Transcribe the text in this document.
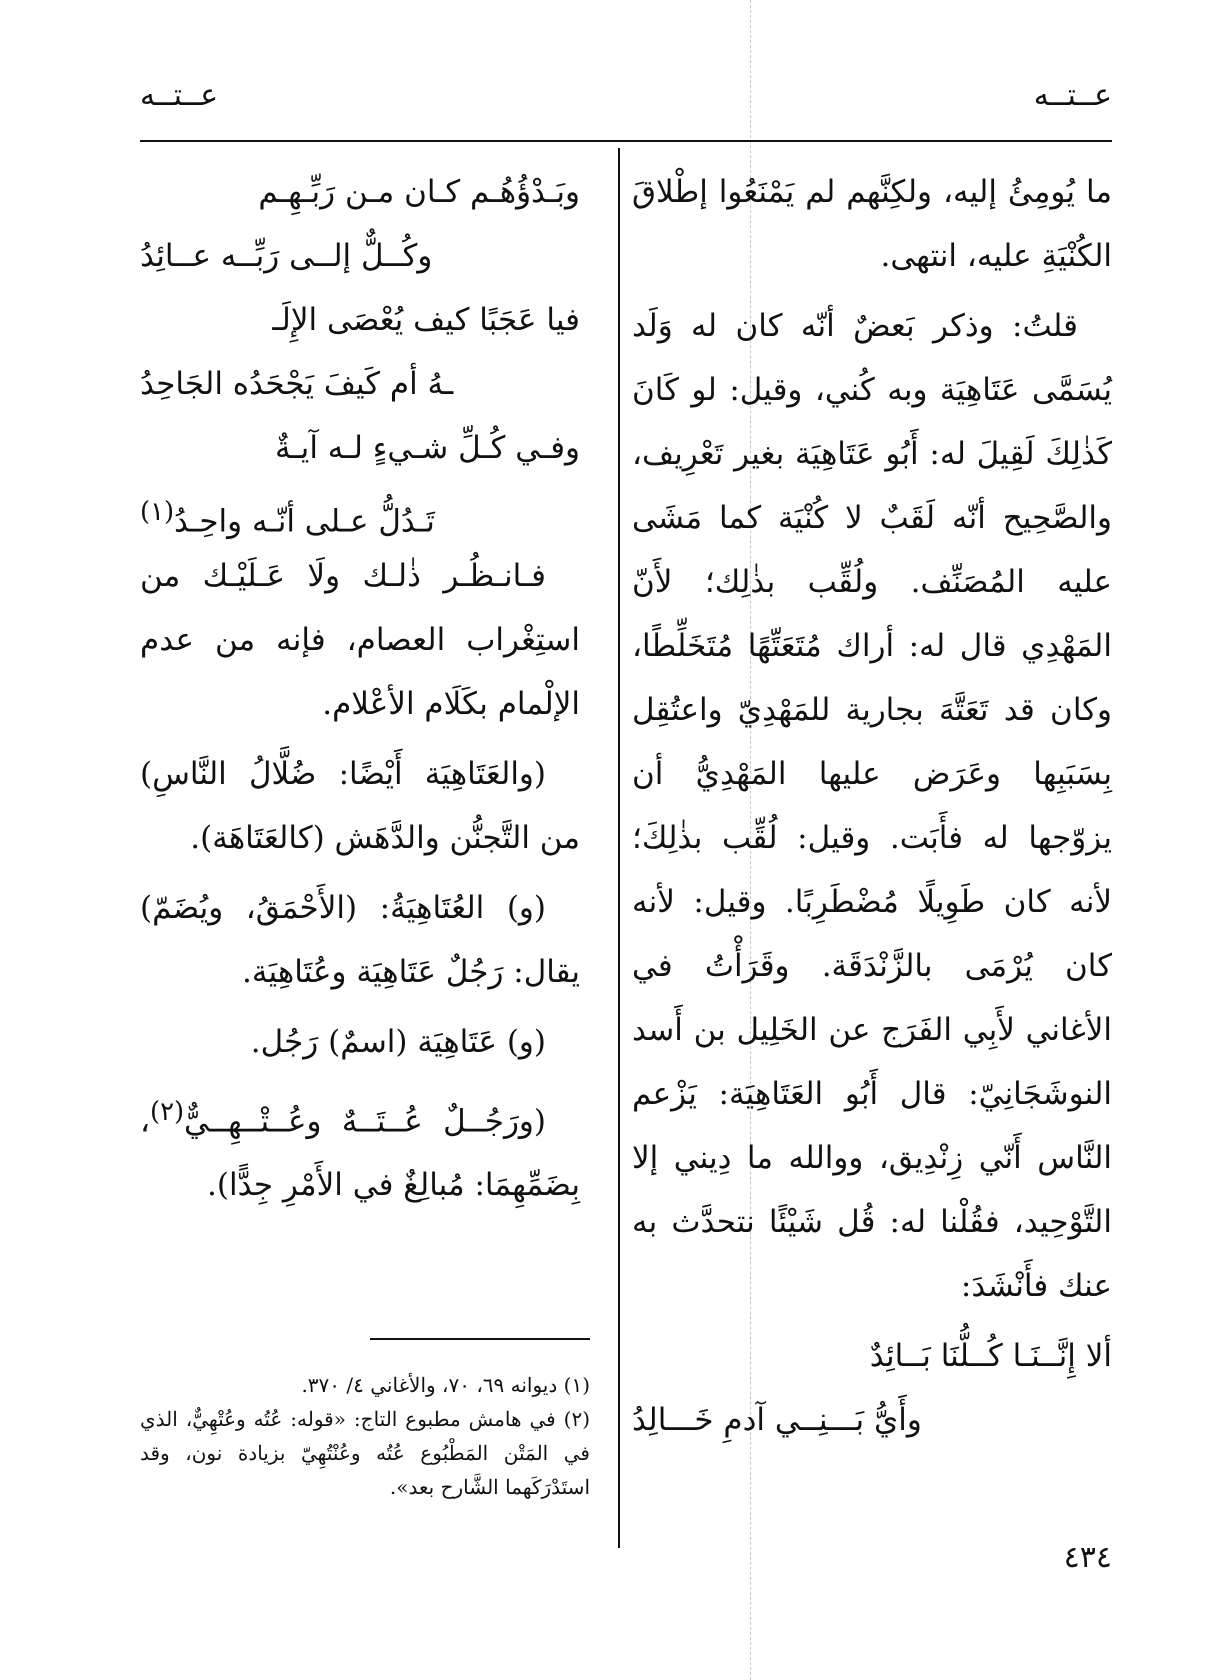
عــتــه
عــتــه

ما يُومِئُ إليه، ولكِنَّهم لم يَمْنَعُوا إطْلاقَ الكُنْيَةِ عليه، انتهى.

قلتُ: وذكر بَعضٌ أنّه كان له وَلَد يُسَمَّى عَتَاهِيَة وبه كُني، وقيل: لو كَانَ كَذٰلِكَ لَقِيلَ له: أَبُو عَتَاهِيَة بغير تَعْرِيف، والصَّحِيح أنّه لَقَبٌ لا كُنْيَة كما مَشَى عليه المُصَنِّف. ولُقِّب بذٰلِك؛ لأَنّ المَهْدِي قال له: أراك مُتَعَتِّهًا مُتَخَلِّطًا، وكان قد تَعَتَّهَ بجارية للمَهْدِيّ واعتُقِل بِسَبَبِها وعَرَض عليها المَهْدِيُّ أن يزوّجها له فأَبَت. وقيل: لُقِّب بذٰلِكَ؛ لأنه كان طَوِيلًا مُضْطَرِبًا. وقيل: لأنه كان يُرْمَى بالزَّنْدَقَة. وقَرَأْتُ في الأغاني لأَبِي الفَرَج عن الخَلِيل بن أَسد النوشَجَانِيّ: قال أَبُو العَتَاهِيَة: يَزْعم النَّاس أَنّي زِنْدِيق، ووالله ما دِيني إلا التَّوْحِيد، فقُلْنا له: قُل شَيْئًا نتحدَّث به عنك فأَنْشَدَ:

ألا إِنَّــنَـا كُــلُّنَا بَــائِدٌ
وأَيُّ بَـــنِــي آدمِ خَـــالِدُ
وبَـدْؤُهُـم كـان مـن رَبِّـهِـم
وكُــلٌّ إلــى رَبِّــه عــائِدُ
فيا عَجَبًا كيف يُعْصَى الإِلَـ
ـهُ أم كَيفَ يَجْحَدُه الجَاحِدُ
وفـي كُـلِّ شـيءٍ لـه آيـةٌ
تَـدُلُّ عـلى أنّـه واحِـدُ$^{(١)}$

فـانـظُـر ذٰلـك ولَا عَـلَيْـك من استِغْراب العصام، فإنه من عدم الإلْمام بكَلَام الأعْلام.

(والعَتَاهِيَة أَيْضًا: ضُلَّالُ النَّاسِ) من التَّجنُّن والدَّهَش (كالعَتَاهَة).

(و) العُتَاهِيَةُ: (الأَحْمَقُ، ويُضَمّ) يقال: رَجُلٌ عَتَاهِيَة وعُتَاهِيَة.

(و) عَتَاهِيَة (اسمٌ) رَجُل.

(ورَجُــلٌ عُــتَــهٌ وعُــتْــهِــيٌّ$^{(٢)}$، بِضَمِّهِمَا: مُبالِغٌ في الأَمْرِ جِدًّا).

(١) ديوانه ٦٩، ٧٠، والأغاني ٤/ ٣٧٠.

(٢) في هامش مطبوع التاج: «قوله: عُتُه وعُتْهِيٌّ، الذي في المَتْن المَطْبُوع عُتُه وعُنْتُهِيّ بزيادة نون، وقد استَدْرَكَهما الشَّارح بعد».

٤٣٤
